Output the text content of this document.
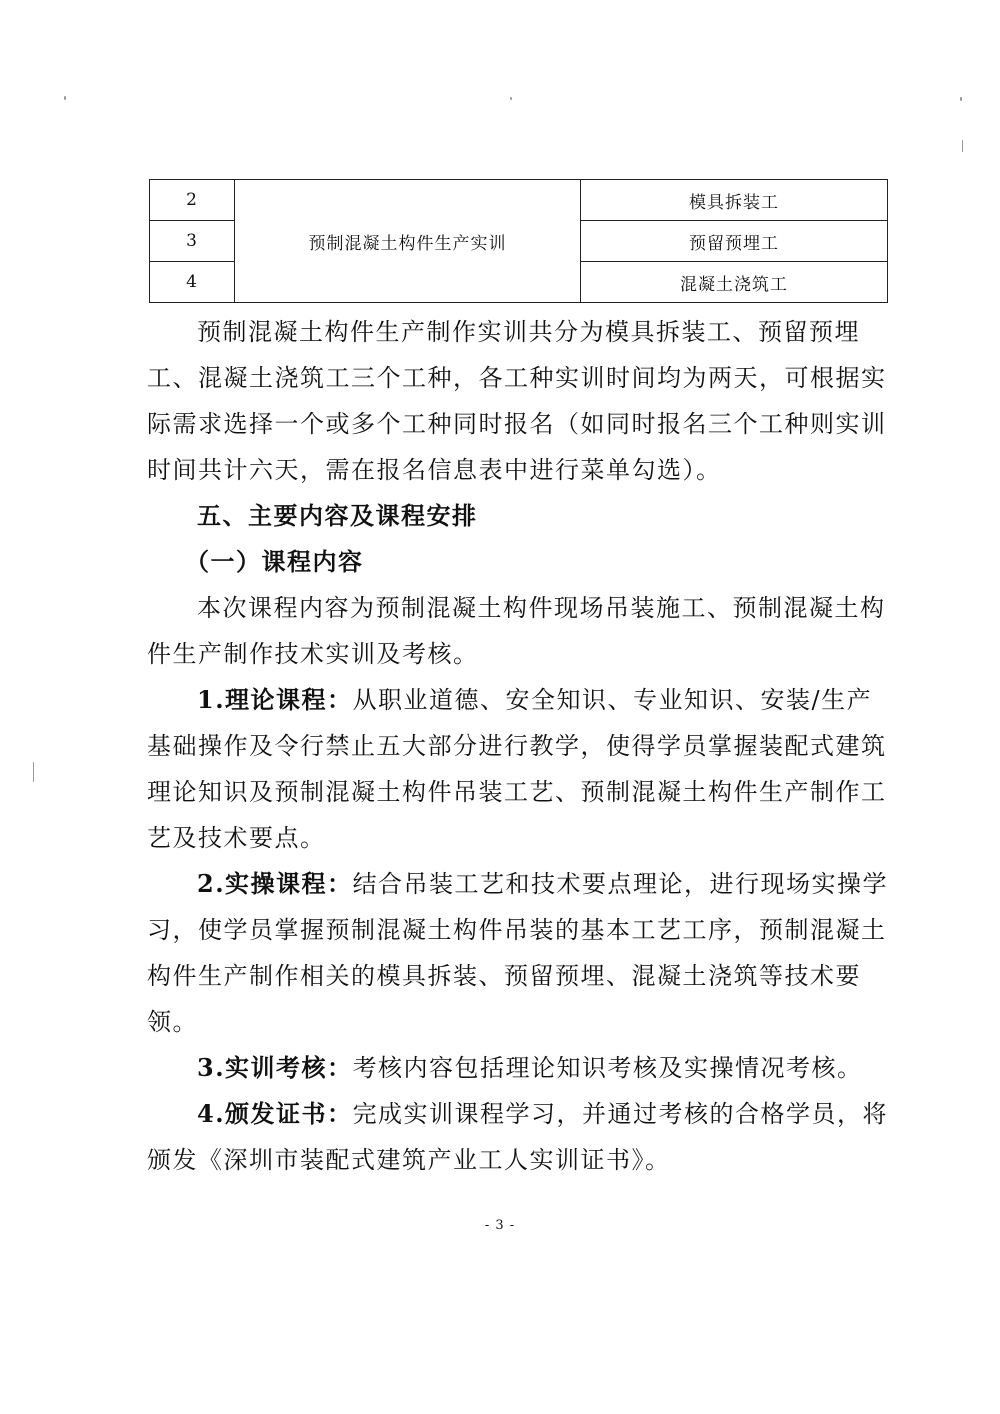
2	预制混凝土构件生产实训	模具拆装工
3		预留预埋工
4		混凝土浇筑工

预制混凝土构件生产制作实训共分为模具拆装工、预留预埋工、混凝土浇筑工三个工种，各工种实训时间均为两天，可根据实际需求选择一个或多个工种同时报名（如同时报名三个工种则实训时间共计六天，需在报名信息表中进行菜单勾选）。

五、主要内容及课程安排

（一）课程内容

本次课程内容为预制混凝土构件现场吊装施工、预制混凝土构件生产制作技术实训及考核。

1.理论课程：从职业道德、安全知识、专业知识、安装/生产基础操作及令行禁止五大部分进行教学，使得学员掌握装配式建筑理论知识及预制混凝土构件吊装工艺、预制混凝土构件生产制作工艺及技术要点。

2.实操课程：结合吊装工艺和技术要点理论，进行现场实操学习，使学员掌握预制混凝土构件吊装的基本工艺工序，预制混凝土构件生产制作相关的模具拆装、预留预埋、混凝土浇筑等技术要领。

3.实训考核：考核内容包括理论知识考核及实操情况考核。

4.颁发证书：完成实训课程学习，并通过考核的合格学员，将颁发《深圳市装配式建筑产业工人实训证书》。

- 3 -
